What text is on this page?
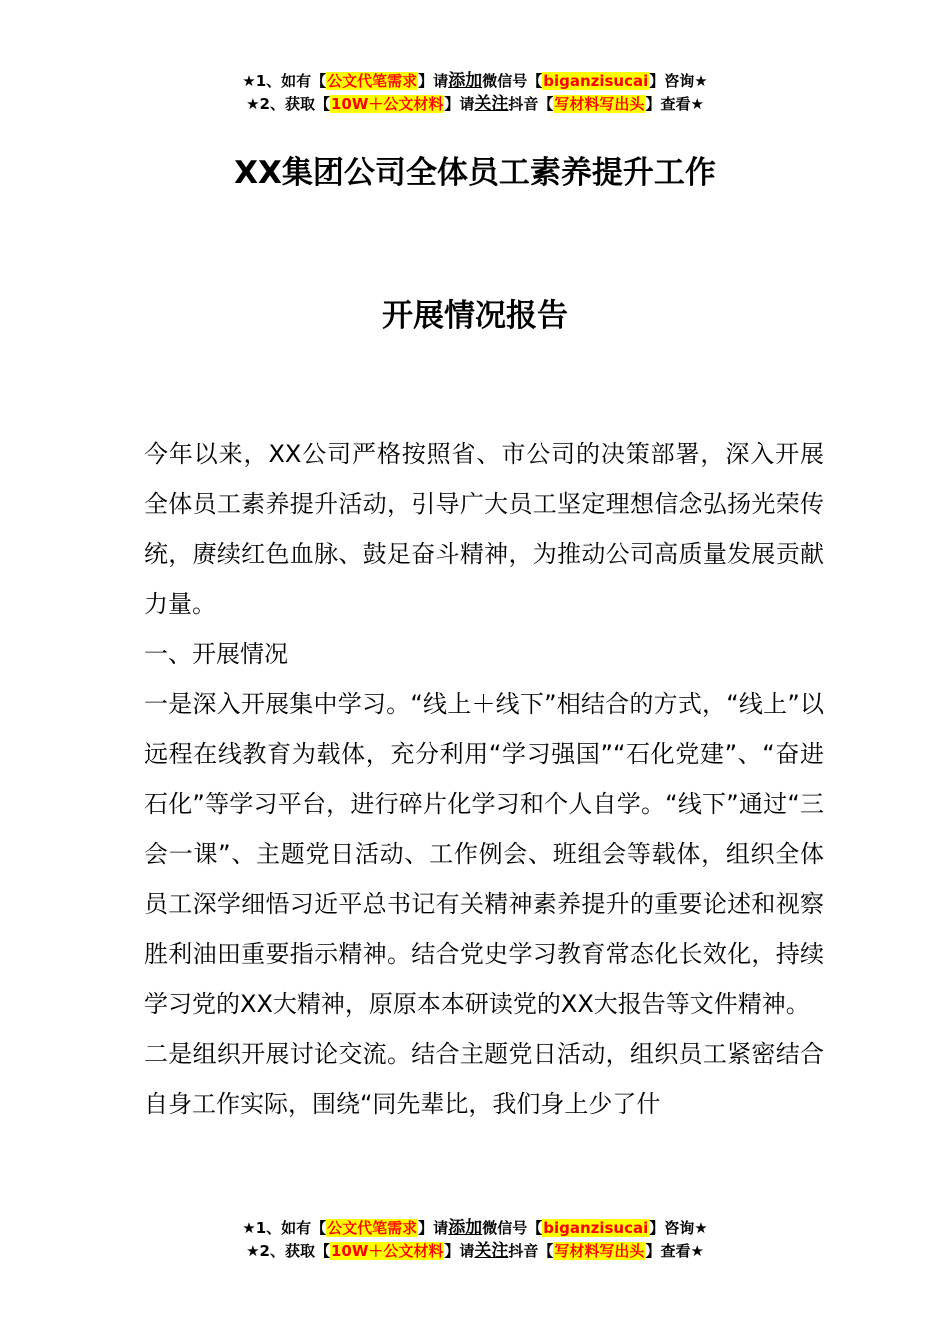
★1、如有【公文代笔需求】请添加微信号【biganzisucai】咨询★
★2、获取【10W＋公文材料】请关注抖音【写材料写出头】查看★
XX集团公司全体员工素养提升工作
开展情况报告

今年以来，XX公司严格按照省、市公司的决策部署，深入开展全体员工素养提升活动，引导广大员工坚定理想信念弘扬光荣传统，赓续红色血脉、鼓足奋斗精神，为推动公司高质量发展贡献力量。

一、开展情况

一是深入开展集中学习。“线上＋线下”相结合的方式，“线上”以远程在线教育为载体，充分利用“学习强国”“石化党建”、“奋进石化”等学习平台，进行碎片化学习和个人自学。“线下”通过“三会一课”、主题党日活动、工作例会、班组会等载体，组织全体员工深学细悟习近平总书记有关精神素养提升的重要论述和视察胜利油田重要指示精神。结合党史学习教育常态化长效化，持续学习党的XX大精神，原原本本研读党的XX大报告等文件精神。

二是组织开展讨论交流。结合主题党日活动，组织员工紧密结合自身工作实际，围绕“同先辈比，我们身上少了什

★1、如有【公文代笔需求】请添加微信号【biganzisucai】咨询★
★2、获取【10W＋公文材料】请关注抖音【写材料写出头】查看★
